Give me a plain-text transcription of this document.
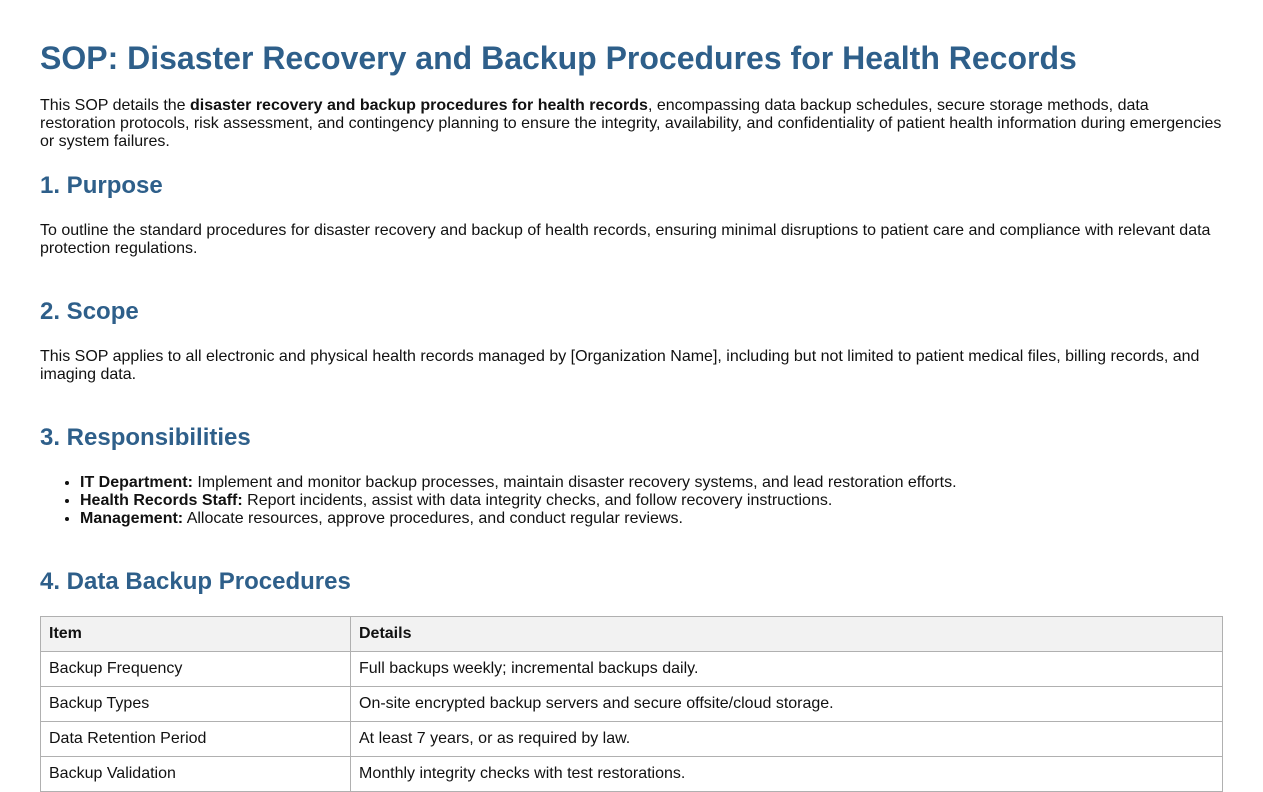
SOP: Disaster Recovery and Backup Procedures for Health Records

This SOP details the disaster recovery and backup procedures for health records, encompassing data backup schedules, secure storage methods, data restoration protocols, risk assessment, and contingency planning to ensure the integrity, availability, and confidentiality of patient health information during emergencies or system failures.

1. Purpose

To outline the standard procedures for disaster recovery and backup of health records, ensuring minimal disruptions to patient care and compliance with relevant data protection regulations.

2. Scope

This SOP applies to all electronic and physical health records managed by [Organization Name], including but not limited to patient medical files, billing records, and imaging data.

3. Responsibilities
• IT Department: Implement and monitor backup processes, maintain disaster recovery systems, and lead restoration efforts.
• Health Records Staff: Report incidents, assist with data integrity checks, and follow recovery instructions.
• Management: Allocate resources, approve procedures, and conduct regular reviews.
4. Data Backup Procedures
Item	Details
Backup Frequency	Full backups weekly; incremental backups daily.
Backup Types	On-site encrypted backup servers and secure offsite/cloud storage.
Data Retention Period	At least 7 years, or as required by law.
Backup Validation	Monthly integrity checks with test restorations.
